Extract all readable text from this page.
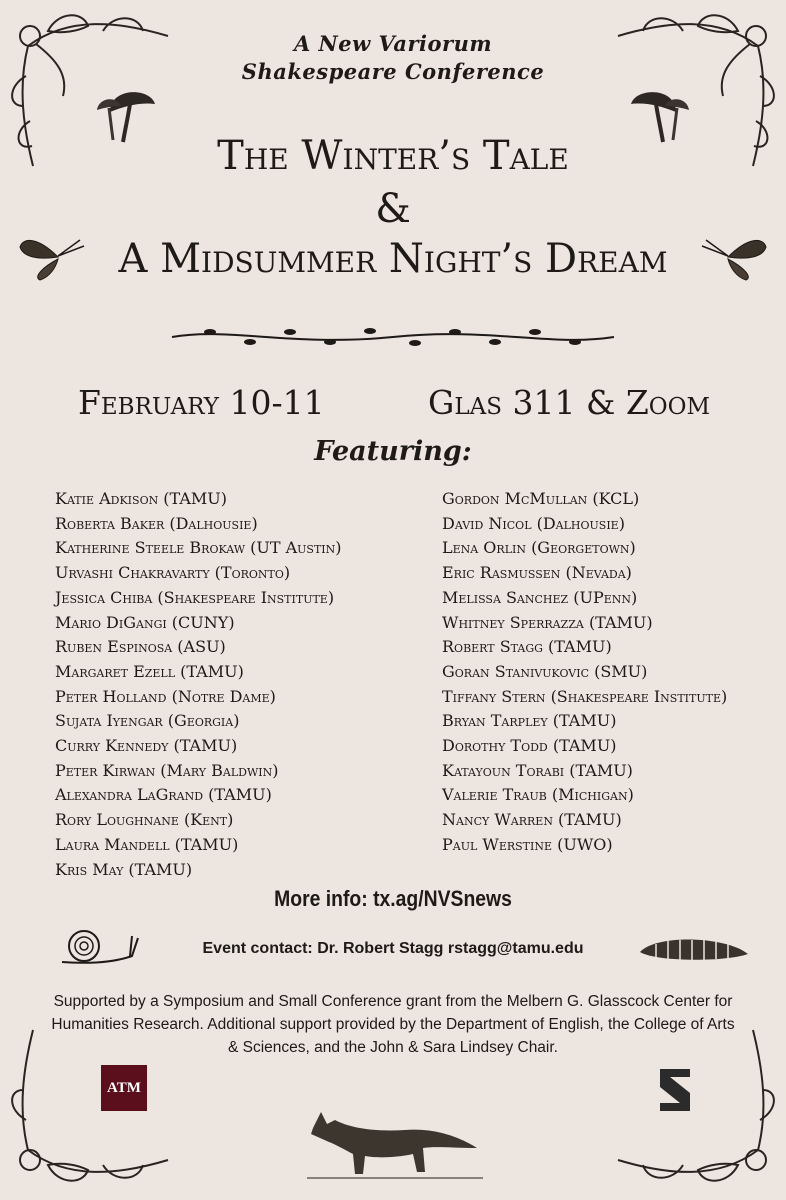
A New Variorum
Shakespeare Conference
The Winter’s Tale
&
A Midsummer Night’s Dream
February 10-11	Glas 311 & Zoom
Featuring:
Katie Adkison (TAMU)
Roberta Baker (Dalhousie)
Katherine Steele Brokaw (UT Austin)
Urvashi Chakravarty (Toronto)
Jessica Chiba (Shakespeare Institute)
Mario DiGangi (CUNY)
Ruben Espinosa (ASU)
Margaret Ezell (TAMU)
Peter Holland (Notre Dame)
Sujata Iyengar (Georgia)
Curry Kennedy (TAMU)
Peter Kirwan (Mary Baldwin)
Alexandra LaGrand (TAMU)
Rory Loughnane (Kent)
Laura Mandell (TAMU)
Kris May (TAMU)
Gordon McMullan (KCL)
David Nicol (Dalhousie)
Lena Orlin (Georgetown)
Eric Rasmussen (Nevada)
Melissa Sanchez (UPenn)
Whitney Sperrazza (TAMU)
Robert Stagg (TAMU)
Goran Stanivukovic (SMU)
Tiffany Stern (Shakespeare Institute)
Bryan Tarpley (TAMU)
Dorothy Todd (TAMU)
Katayoun Torabi (TAMU)
Valerie Traub (Michigan)
Nancy Warren (TAMU)
Paul Werstine (UWO)
More info: tx.ag/NVSnews
Event contact: Dr. Robert Stagg rstagg@tamu.edu
Supported by a Symposium and Small Conference grant from the Melbern G. Glasscock Center for Humanities Research. Additional support provided by the Department of English, the College of Arts & Sciences, and the John & Sara Lindsey Chair.
ATM
